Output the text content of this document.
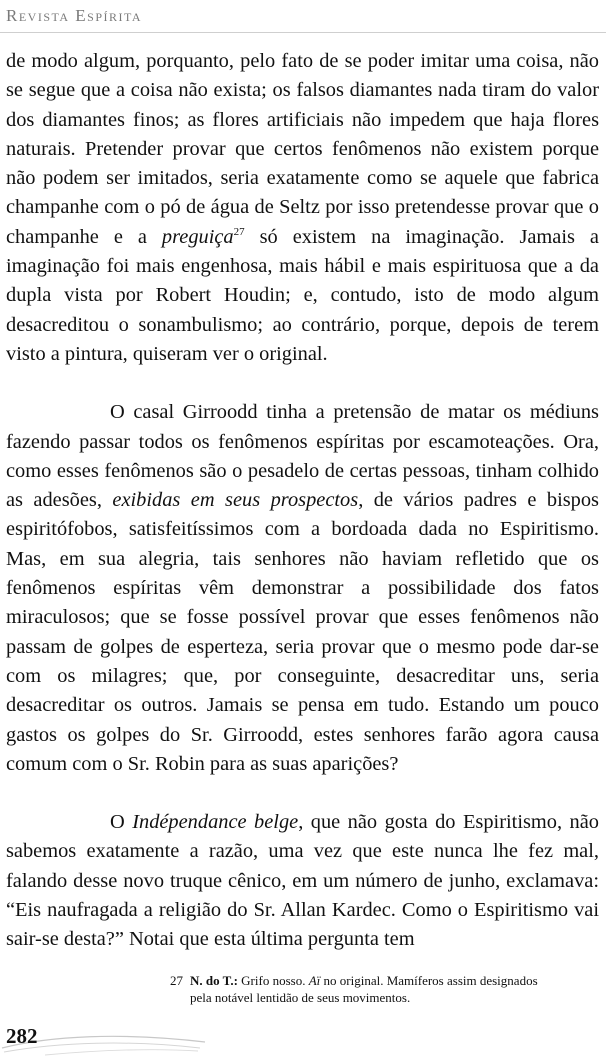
Revista Espírita

de modo algum, porquanto, pelo fato de se poder imitar uma coisa, não se segue que a coisa não exista; os falsos diamantes nada tiram do valor dos diamantes finos; as flores artificiais não impedem que haja flores naturais. Pretender provar que certos fenômenos não existem porque não podem ser imitados, seria exatamente como se aquele que fabrica champanhe com o pó de água de Seltz por isso pretendesse provar que o champanhe e a preguiça$^{27}$ só existem na imaginação. Jamais a imaginação foi mais engenhosa, mais hábil e mais espirituosa que a da dupla vista por Robert Houdin; e, contudo, isto de modo algum desacreditou o sonambulismo; ao contrário, porque, depois de terem visto a pintura, quiseram ver o original.

O casal Girroodd tinha a pretensão de matar os médiuns fazendo passar todos os fenômenos espíritas por escamoteações. Ora, como esses fenômenos são o pesadelo de certas pessoas, tinham colhido as adesões, exibidas em seus prospectos, de vários padres e bispos espiritófobos, satisfeitíssimos com a bordoada dada no Espiritismo. Mas, em sua alegria, tais senhores não haviam refletido que os fenômenos espíritas vêm demonstrar a possibilidade dos fatos miraculosos; que se fosse possível provar que esses fenômenos não passam de golpes de esperteza, seria provar que o mesmo pode dar-se com os milagres; que, por conseguinte, desacreditar uns, seria desacreditar os outros. Jamais se pensa em tudo. Estando um pouco gastos os golpes do Sr. Girroodd, estes senhores farão agora causa comum com o Sr. Robin para as suas aparições?

O Indépendance belge, que não gosta do Espiritismo, não sabemos exatamente a razão, uma vez que este nunca lhe fez mal, falando desse novo truque cênico, em um número de junho, exclamava: “Eis naufragada a religião do Sr. Allan Kardec. Como o Espiritismo vai sair-se desta?” Notai que esta última pergunta tem

27 N. do T.: Grifo nosso. Aï no original. Mamíferos assim designados
pela notável lentidão de seus movimentos.
282
